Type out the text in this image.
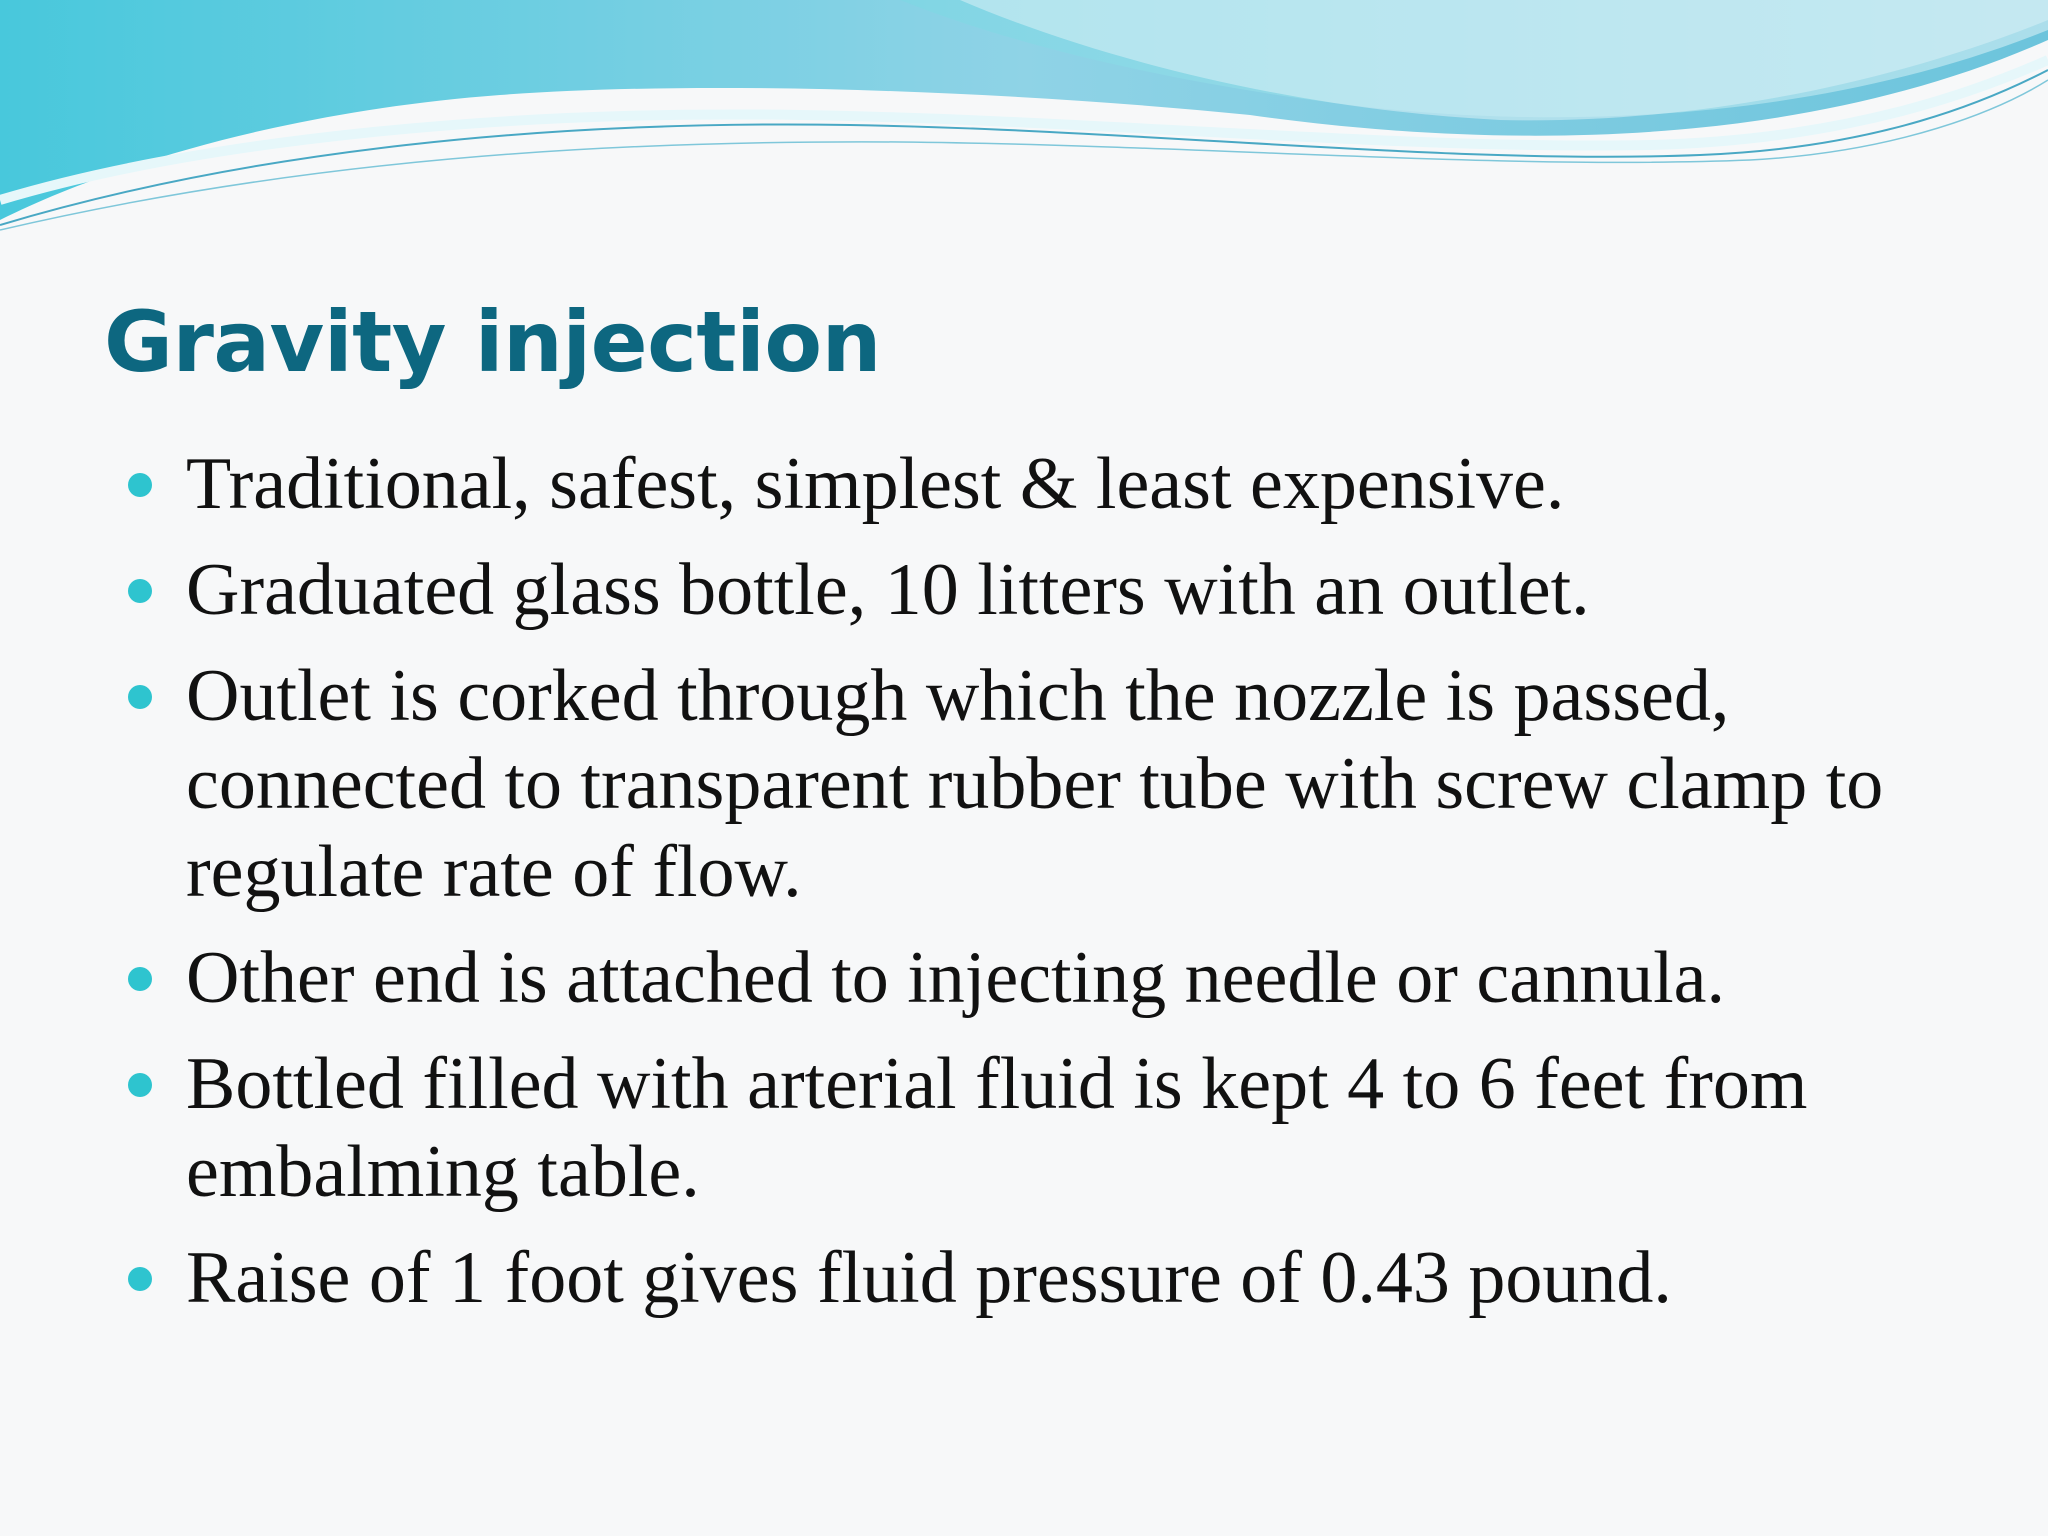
Gravity injection
Traditional, safest, simplest & least expensive.
Graduated glass bottle, 10 litters with an outlet.
Outlet is corked through which the nozzle is passed, connected to transparent rubber tube with screw clamp to regulate rate of flow.
Other end is attached to injecting needle or cannula.
Bottled filled with arterial fluid is kept 4 to 6 feet from embalming table.
Raise of 1 foot gives fluid pressure of 0.43 pound.
